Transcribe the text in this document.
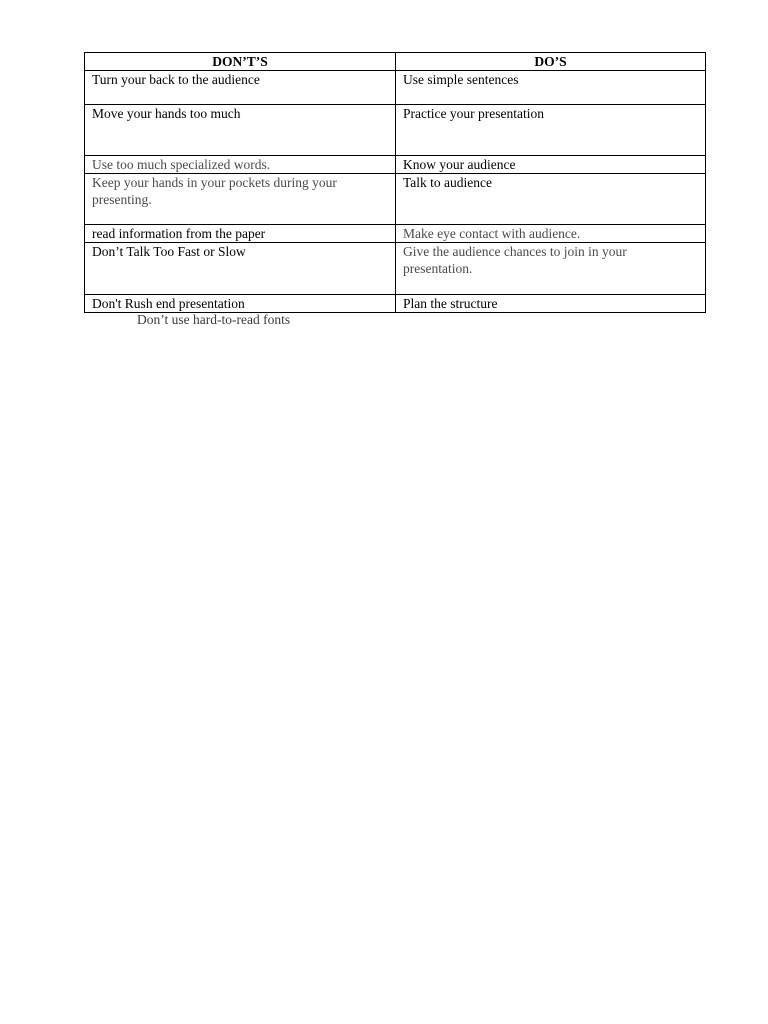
DON’T’S	DO’S
Turn your back to the audience	Use simple sentences
Move your hands too much	Practice your presentation
Use too much specialized words.	Know your audience
Keep your hands in your pockets during your presenting.	Talk to audience
read information from the paper	Make eye contact with audience.
Don’t Talk Too Fast or Slow	Give the audience chances to join in your presentation.
Don't Rush end presentation	Plan the structure
Don’t use hard-to-read fonts
